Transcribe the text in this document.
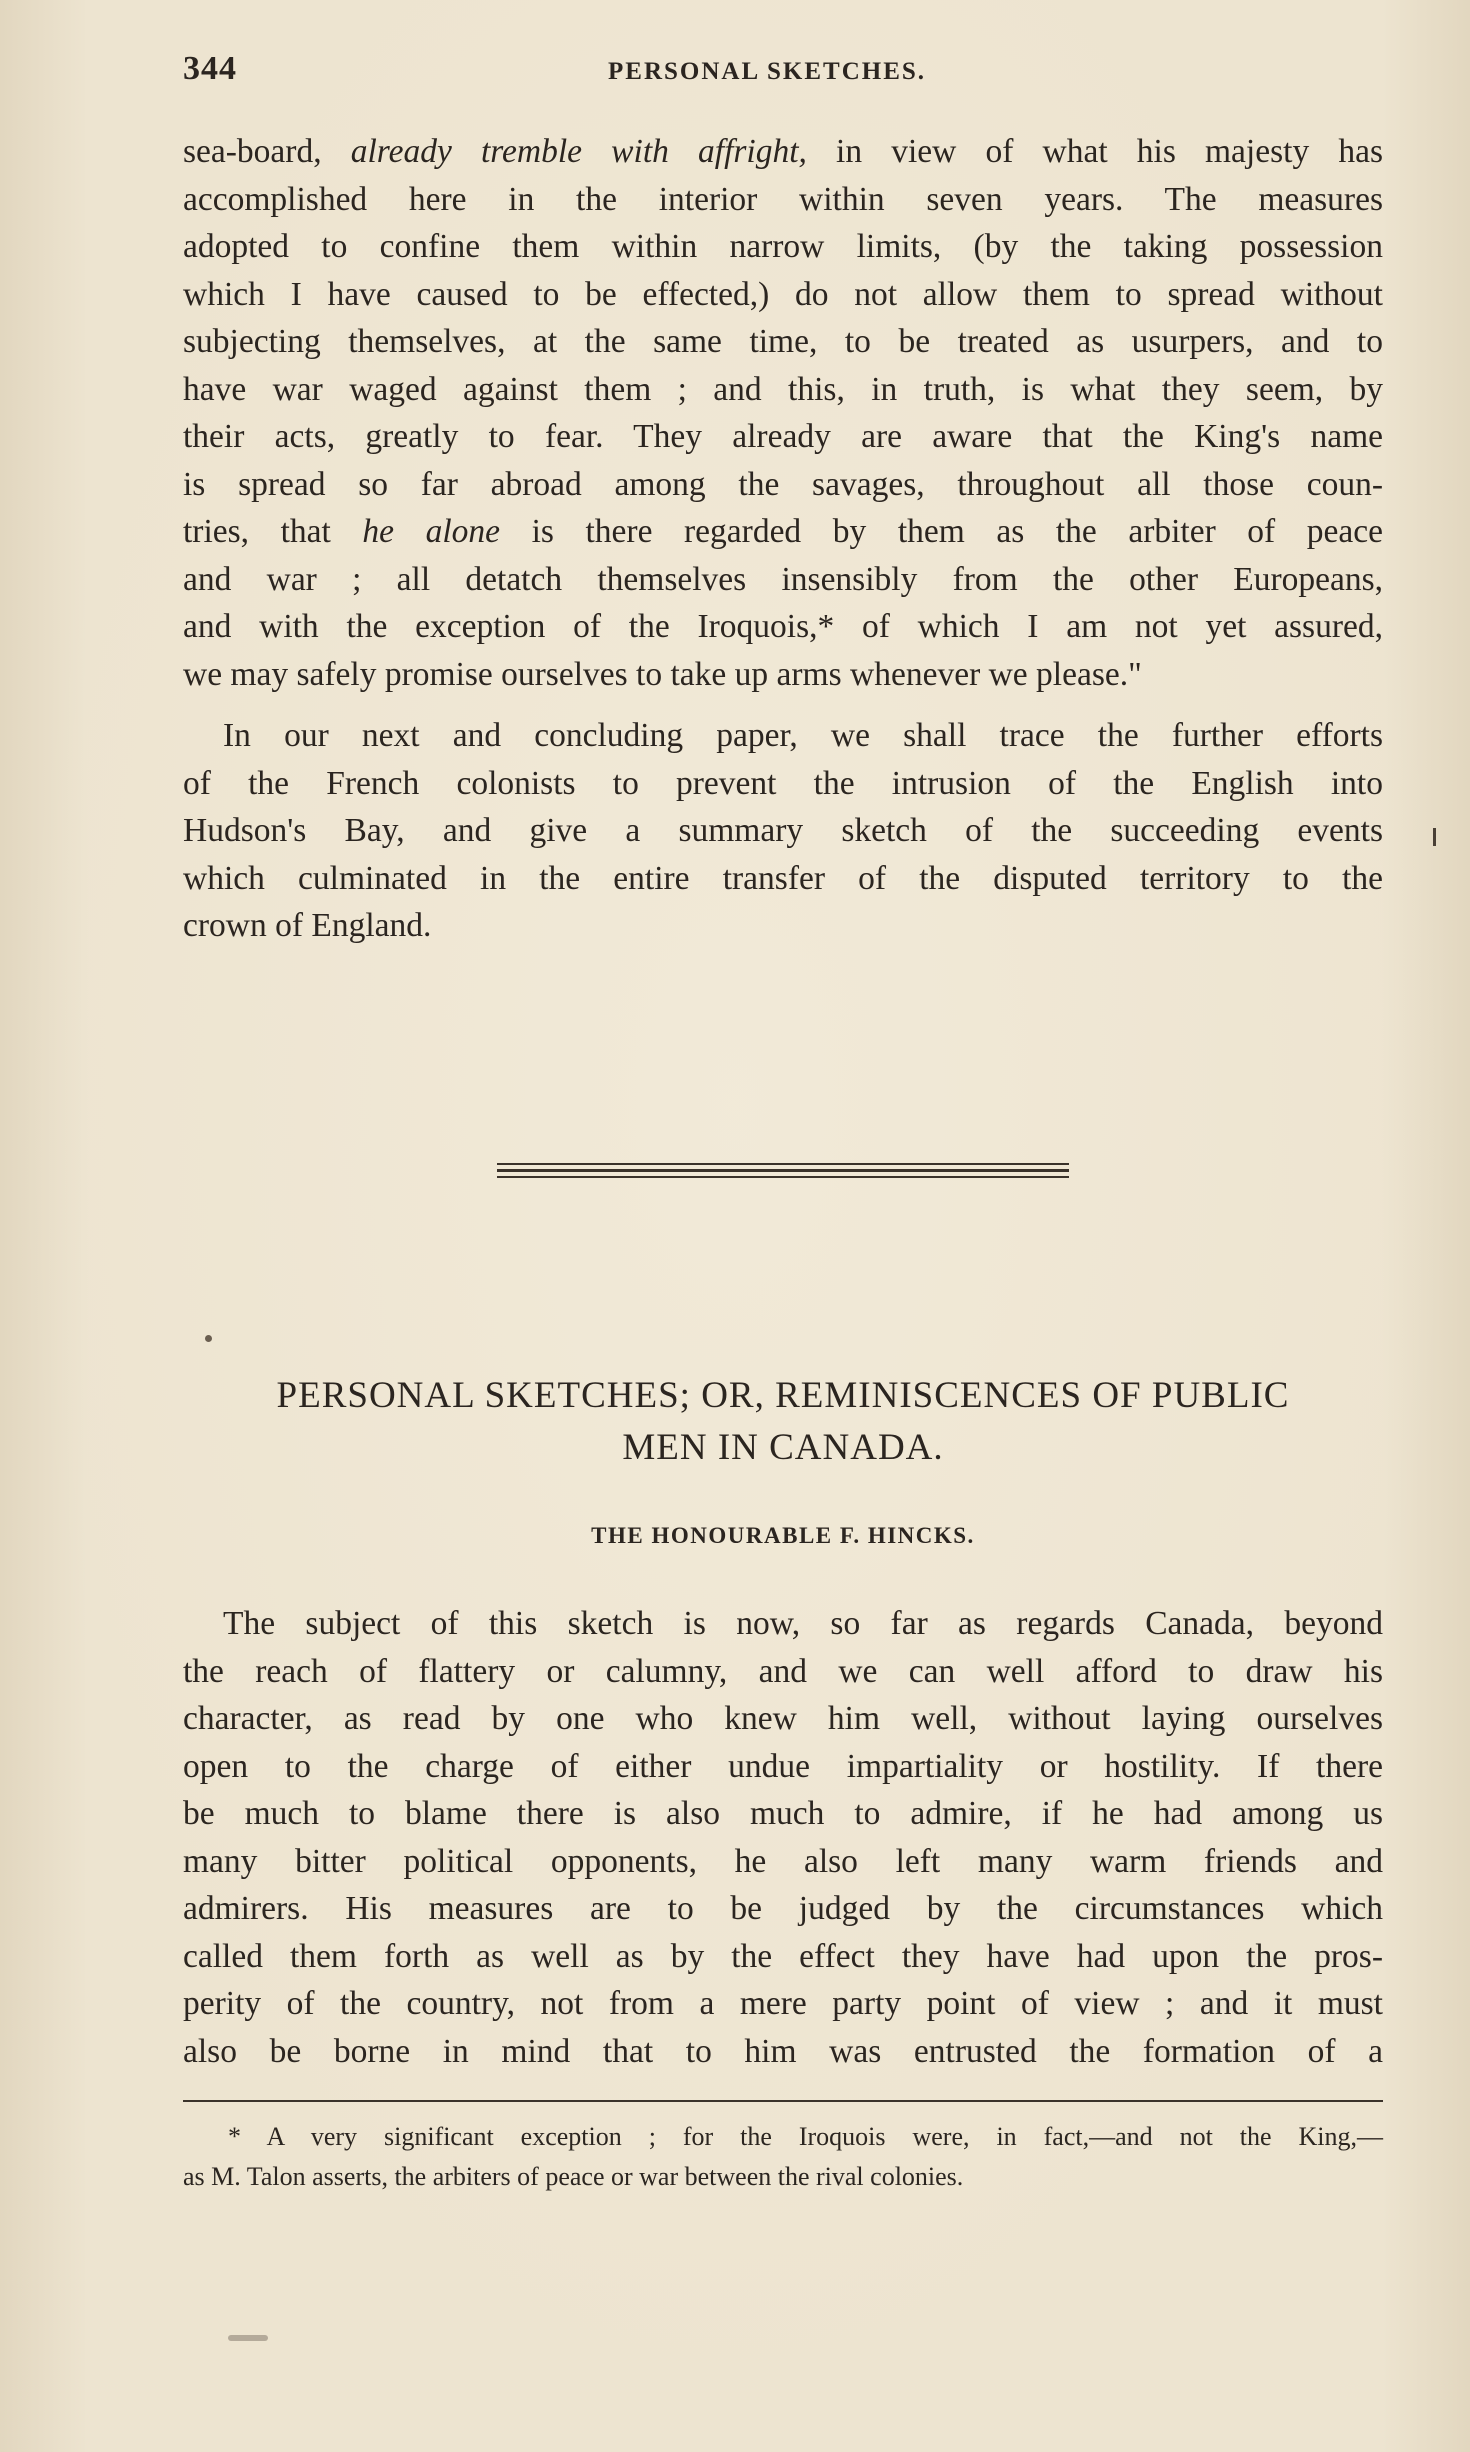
344	PERSONAL SKETCHES.
sea-board, already tremble with affright, in view of what his majesty has
accomplished here in the interior within seven years. The measures
adopted to confine them within narrow limits, (by the taking possession
which I have caused to be effected,) do not allow them to spread without
subjecting themselves, at the same time, to be treated as usurpers, and to
have war waged against them ; and this, in truth, is what they seem, by
their acts, greatly to fear. They already are aware that the King's name
is spread so far abroad among the savages, throughout all those coun-
tries, that he alone is there regarded by them as the arbiter of peace
and war ; all detatch themselves insensibly from the other Europeans,
and with the exception of the Iroquois,* of which I am not yet assured,
we may safely promise ourselves to take up arms whenever we please."
In our next and concluding paper, we shall trace the further efforts
of the French colonists to prevent the intrusion of the English into
Hudson's Bay, and give a summary sketch of the succeeding events
which culminated in the entire transfer of the disputed territory to the
crown of England.
PERSONAL SKETCHES; OR, REMINISCENCES OF PUBLIC
MEN IN CANADA.
THE HONOURABLE F. HINCKS.
The subject of this sketch is now, so far as regards Canada, beyond
the reach of flattery or calumny, and we can well afford to draw his
character, as read by one who knew him well, without laying ourselves
open to the charge of either undue impartiality or hostility. If there
be much to blame there is also much to admire, if he had among us
many bitter political opponents, he also left many warm friends and
admirers. His measures are to be judged by the circumstances which
called them forth as well as by the effect they have had upon the pros-
perity of the country, not from a mere party point of view ; and it must
also be borne in mind that to him was entrusted the formation of a
* A very significant exception ; for the Iroquois were, in fact,—and not the King,—
as M. Talon asserts, the arbiters of peace or war between the rival colonies.
